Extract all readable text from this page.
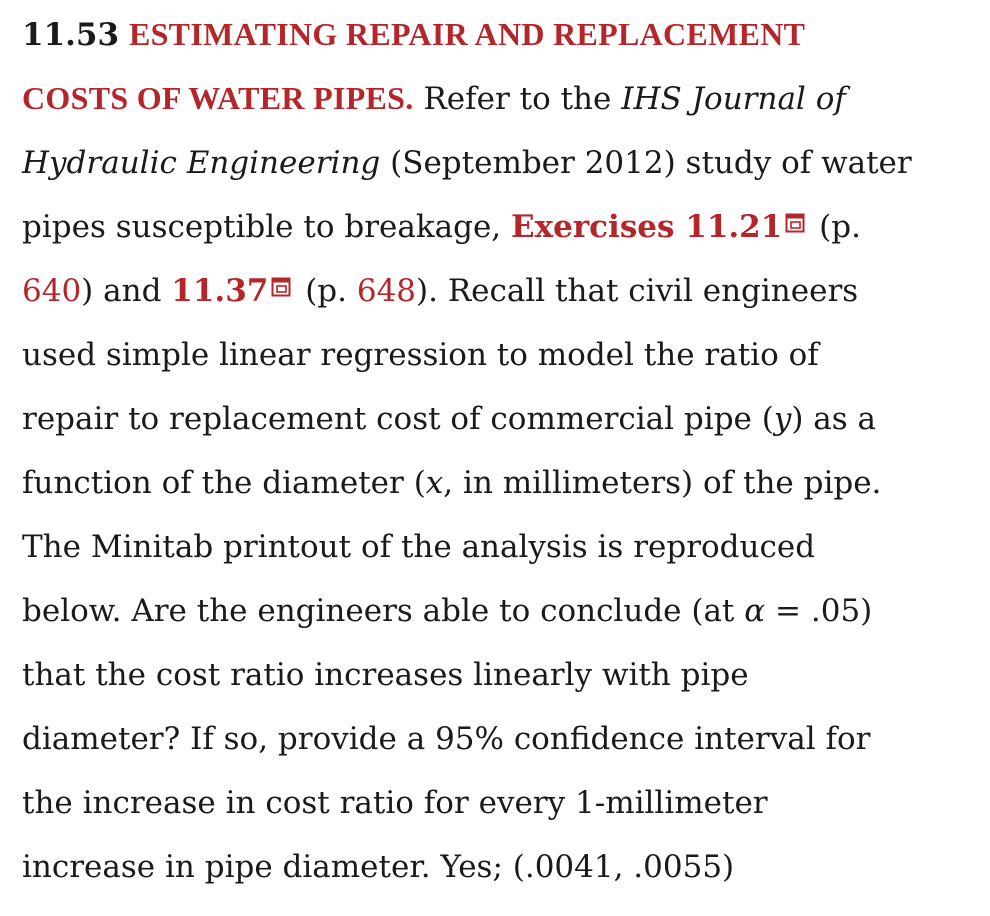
11.53 ESTIMATING REPAIR AND REPLACEMENT
COSTS OF WATER PIPES. Refer to the IHS Journal of
Hydraulic Engineering (September 2012) study of water
pipes susceptible to breakage, Exercises 11.21
(p.
640) and 11.37
(p. 648). Recall that civil engineers
used simple linear regression to model the ratio of
repair to replacement cost of commercial pipe (y) as a
function of the diameter (x, in millimeters) of the pipe.
The Minitab printout of the analysis is reproduced
below. Are the engineers able to conclude (at α = .05)
that the cost ratio increases linearly with pipe
diameter? If so, provide a 95% confidence interval for
the increase in cost ratio for every 1-millimeter
increase in pipe diameter. Yes; (.0041, .0055)
